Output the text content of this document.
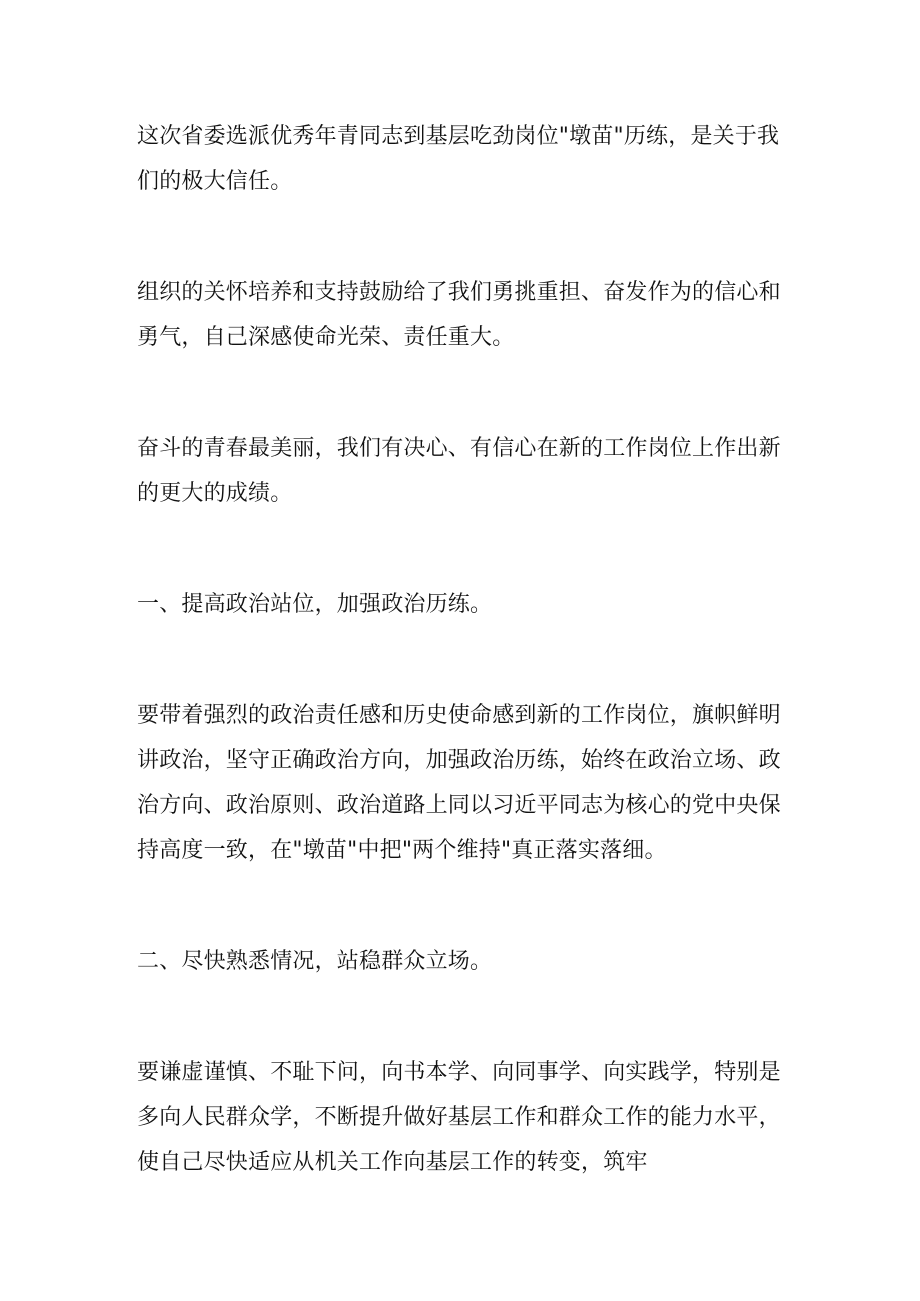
这次省委选派优秀年青同志到基层吃劲岗位"墩苗"历练，是关于我们的极大信任。

组织的关怀培养和支持鼓励给了我们勇挑重担、奋发作为的信心和勇气，自己深感使命光荣、责任重大。

奋斗的青春最美丽，我们有决心、有信心在新的工作岗位上作出新的更大的成绩。

一、提高政治站位，加强政治历练。

要带着强烈的政治责任感和历史使命感到新的工作岗位，旗帜鲜明讲政治，坚守正确政治方向，加强政治历练，始终在政治立场、政治方向、政治原则、政治道路上同以习近平同志为核心的党中央保持高度一致，在"墩苗"中把"两个维持"真正落实落细。

二、尽快熟悉情况，站稳群众立场。

要谦虚谨慎、不耻下问，向书本学、向同事学、向实践学，特别是多向人民群众学，不断提升做好基层工作和群众工作的能力水平，使自己尽快适应从机关工作向基层工作的转变，筑牢
